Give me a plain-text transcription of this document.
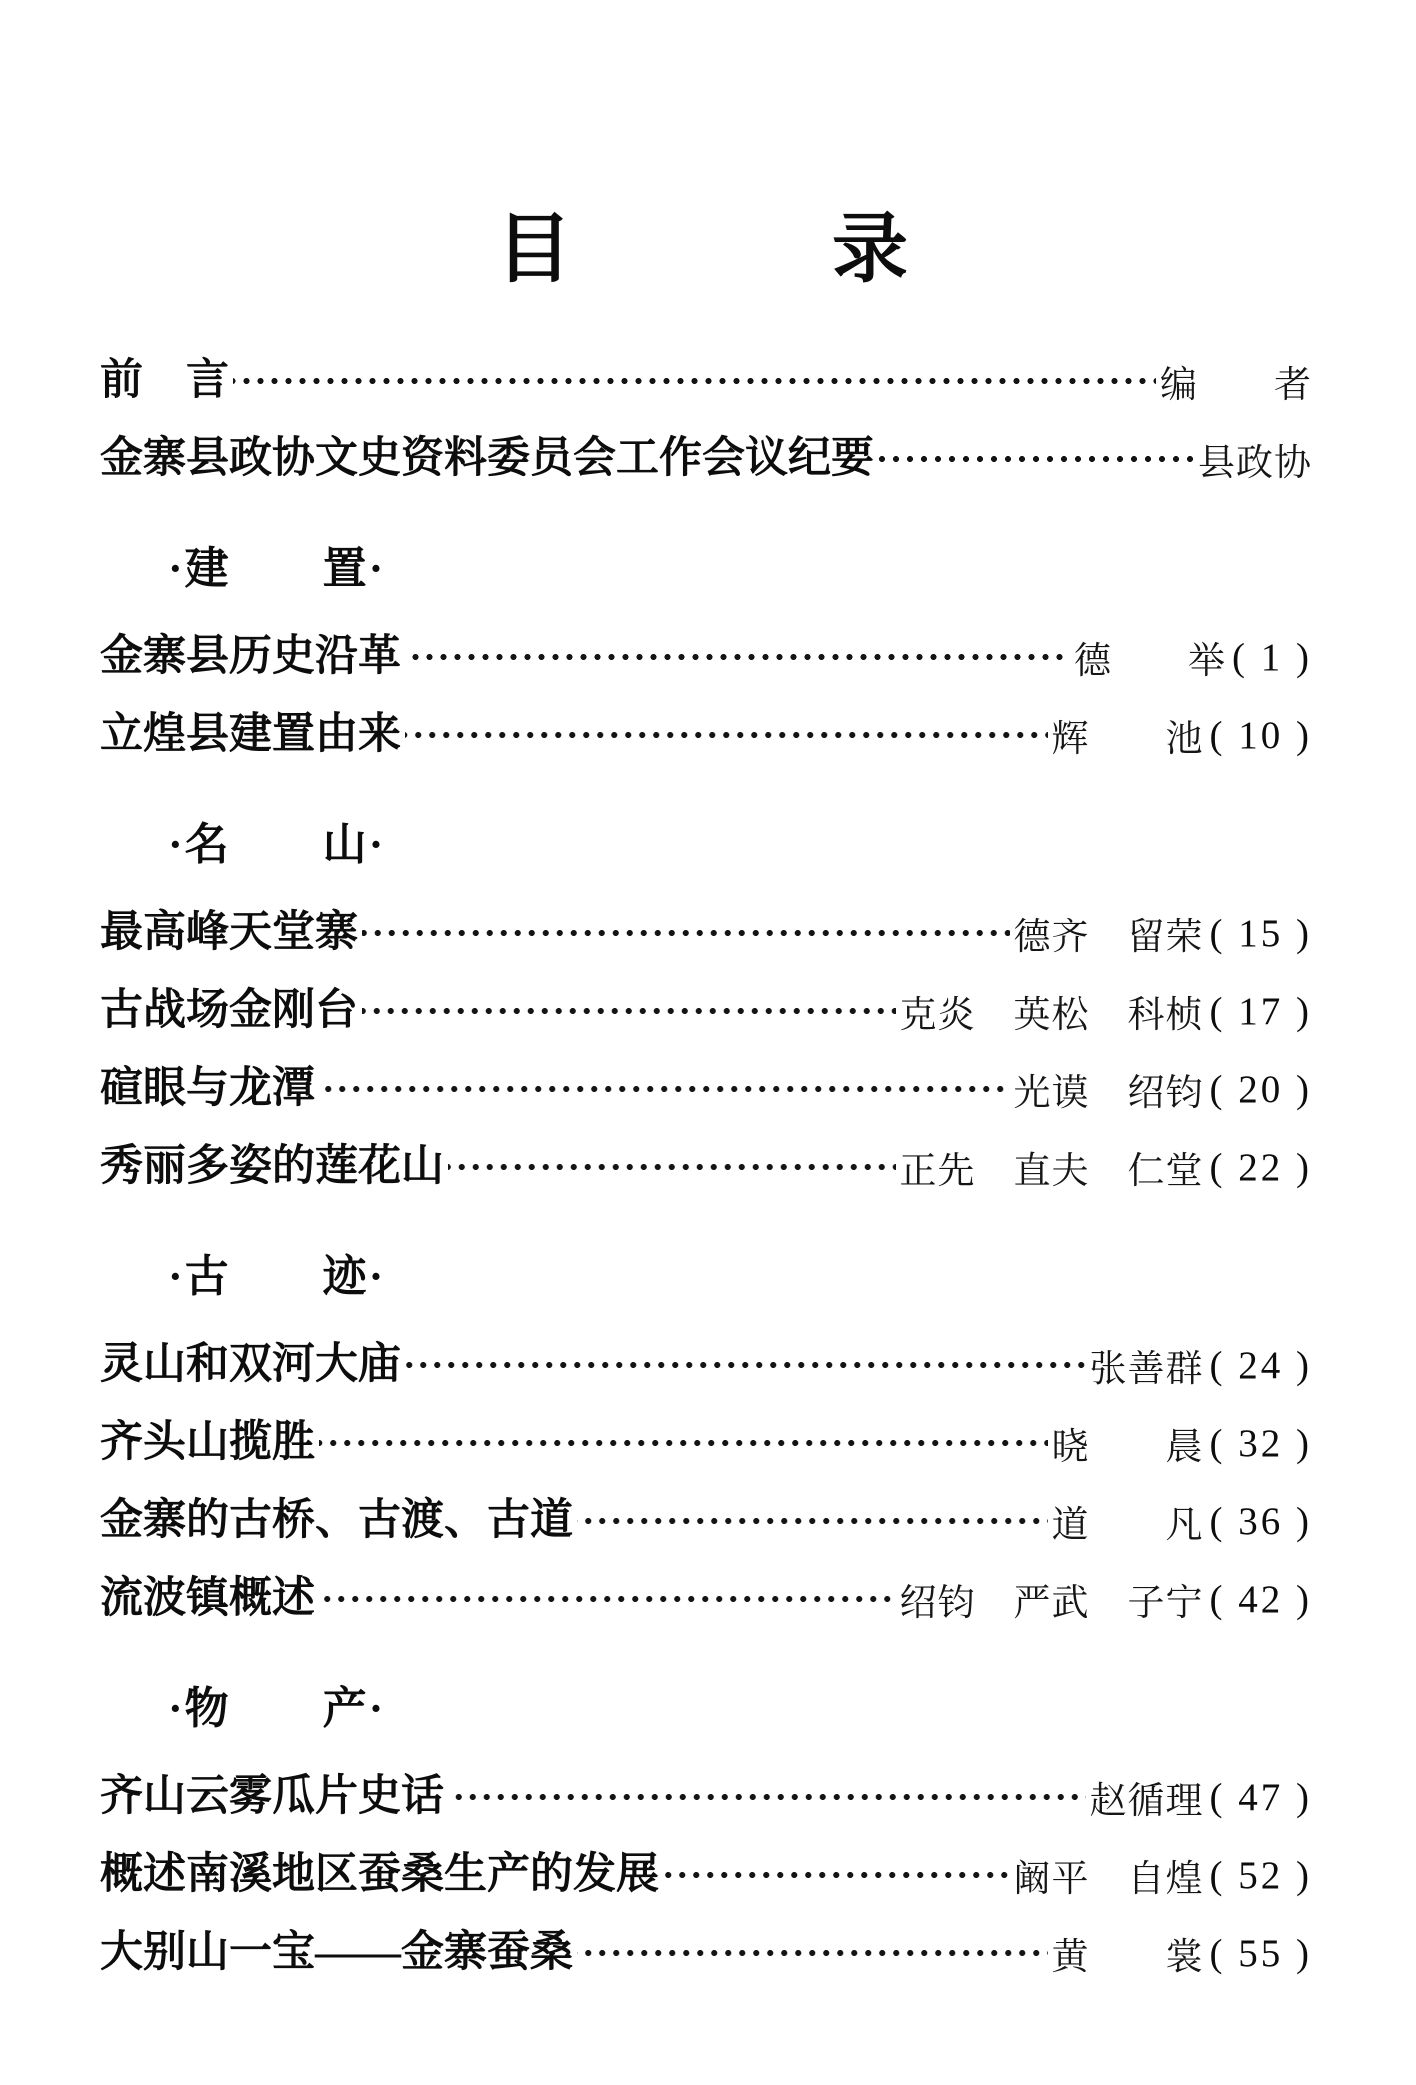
目　　　录
前　言	编　　者
金寨县政协文史资料委员会工作会议纪要	县政协
·建　　置·
金寨县历史沿革	德　　举 ( 1 )
立煌县建置由来	辉　　池 ( 10 )
·名　　山·
最高峰天堂寨	德齐　留荣 ( 15 )
古战场金刚台	克炎　英松　科桢 ( 17 )
碹眼与龙潭	光谟　绍钧 ( 20 )
秀丽多姿的莲花山	正先　直夫　仁堂 ( 22 )
·古　　迹·
灵山和双河大庙	张善群 ( 24 )
齐头山揽胜	晓　　晨 ( 32 )
金寨的古桥、古渡、古道	道　　凡 ( 36 )
流波镇概述	绍钧　严武　子宁 ( 42 )
·物　　产·
齐山云雾瓜片史话	赵循理 ( 47 )
概述南溪地区蚕桑生产的发展	阚平　自煌 ( 52 )
大别山一宝——金寨蚕桑	黄　　裳 ( 55 )
